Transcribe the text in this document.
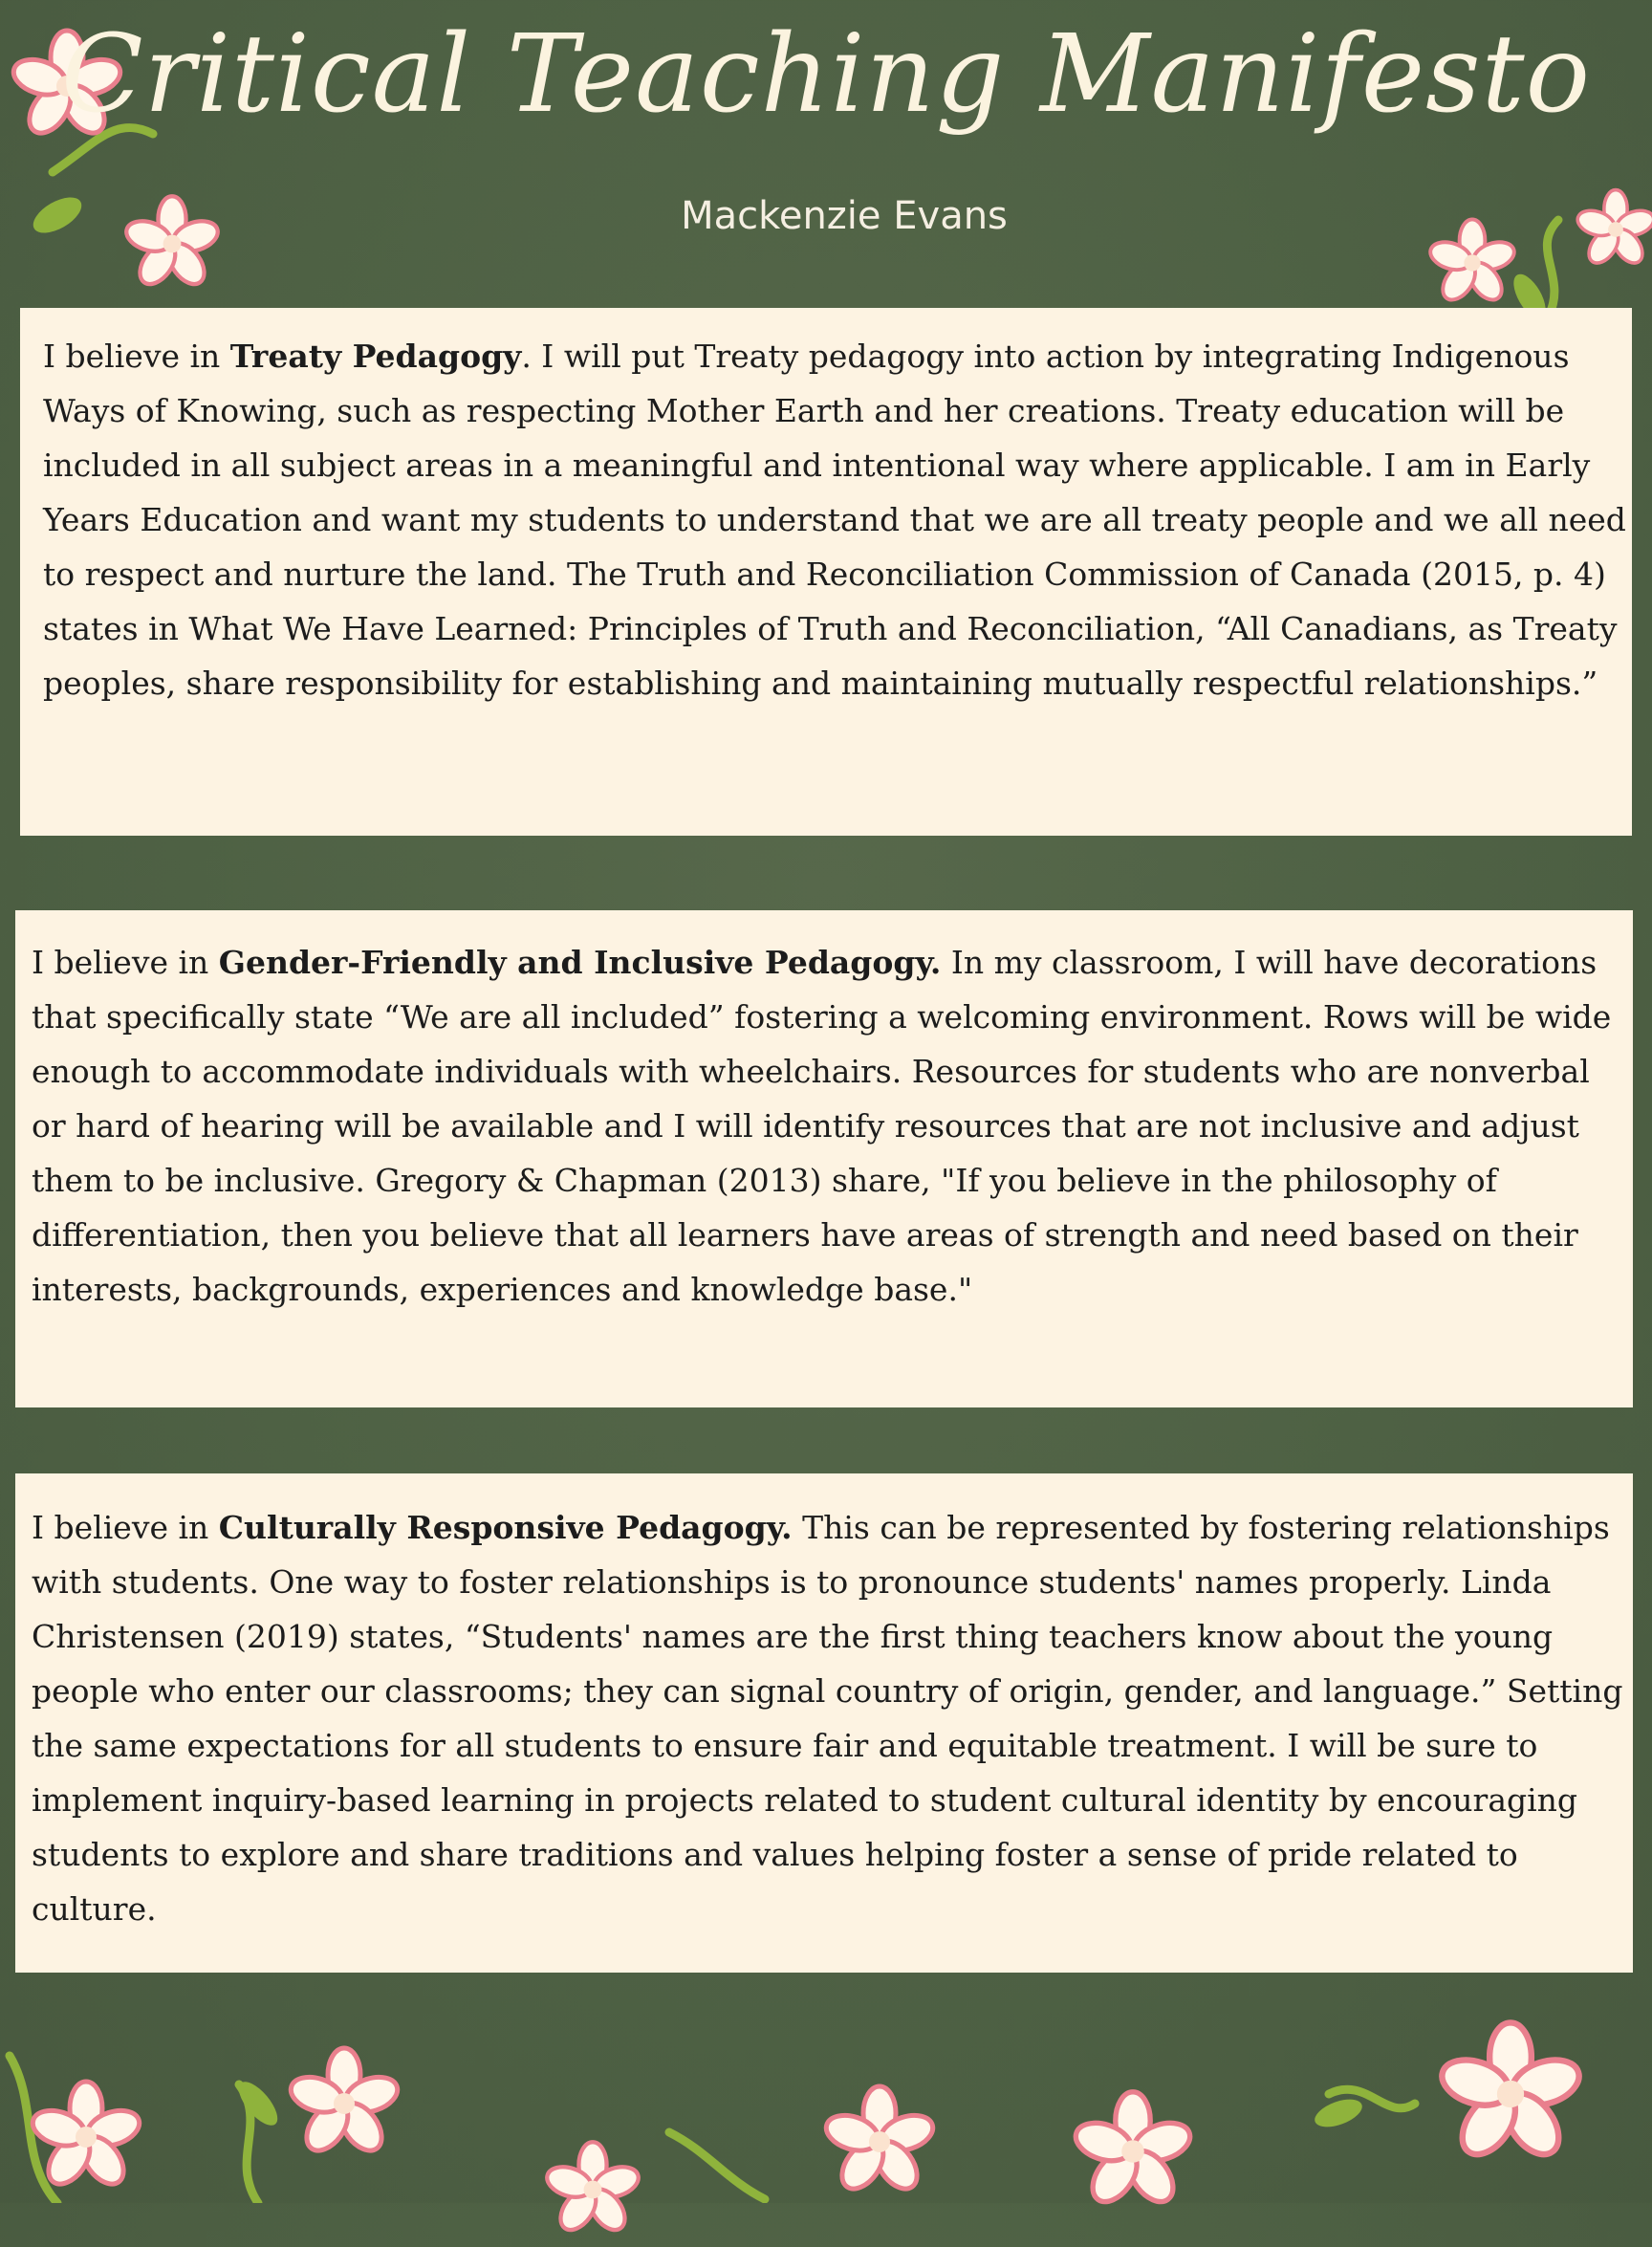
Critical Teaching Manifesto
Mackenzie Evans

I believe in Treaty Pedagogy. I will put Treaty pedagogy into action by integrating Indigenous Ways of Knowing, such as respecting Mother Earth and her creations. Treaty education will be included in all subject areas in a meaningful and intentional way where applicable. I am in Early Years Education and want my students to understand that we are all treaty people and we all need to respect and nurture the land. The Truth and Reconciliation Commission of Canada (2015, p. 4) states in What We Have Learned: Principles of Truth and Reconciliation, “All Canadians, as Treaty peoples, share responsibility for establishing and maintaining mutually respectful relationships.”

I believe in Gender-Friendly and Inclusive Pedagogy. In my classroom, I will have decorations that specifically state “We are all included” fostering a welcoming environment. Rows will be wide enough to accommodate individuals with wheelchairs. Resources for students who are nonverbal or hard of hearing will be available and I will identify resources that are not inclusive and adjust them to be inclusive. Gregory & Chapman (2013) share, "If you believe in the philosophy of differentiation, then you believe that all learners have areas of strength and need based on their interests, backgrounds, experiences and knowledge base."

I believe in Culturally Responsive Pedagogy. This can be represented by fostering relationships with students. One way to foster relationships is to pronounce students' names properly. Linda Christensen (2019) states, “Students' names are the first thing teachers know about the young people who enter our classrooms; they can signal country of origin, gender, and language.” Setting the same expectations for all students to ensure fair and equitable treatment. I will be sure to implement inquiry-based learning in projects related to student cultural identity by encouraging students to explore and share traditions and values helping foster a sense of pride related to culture.
